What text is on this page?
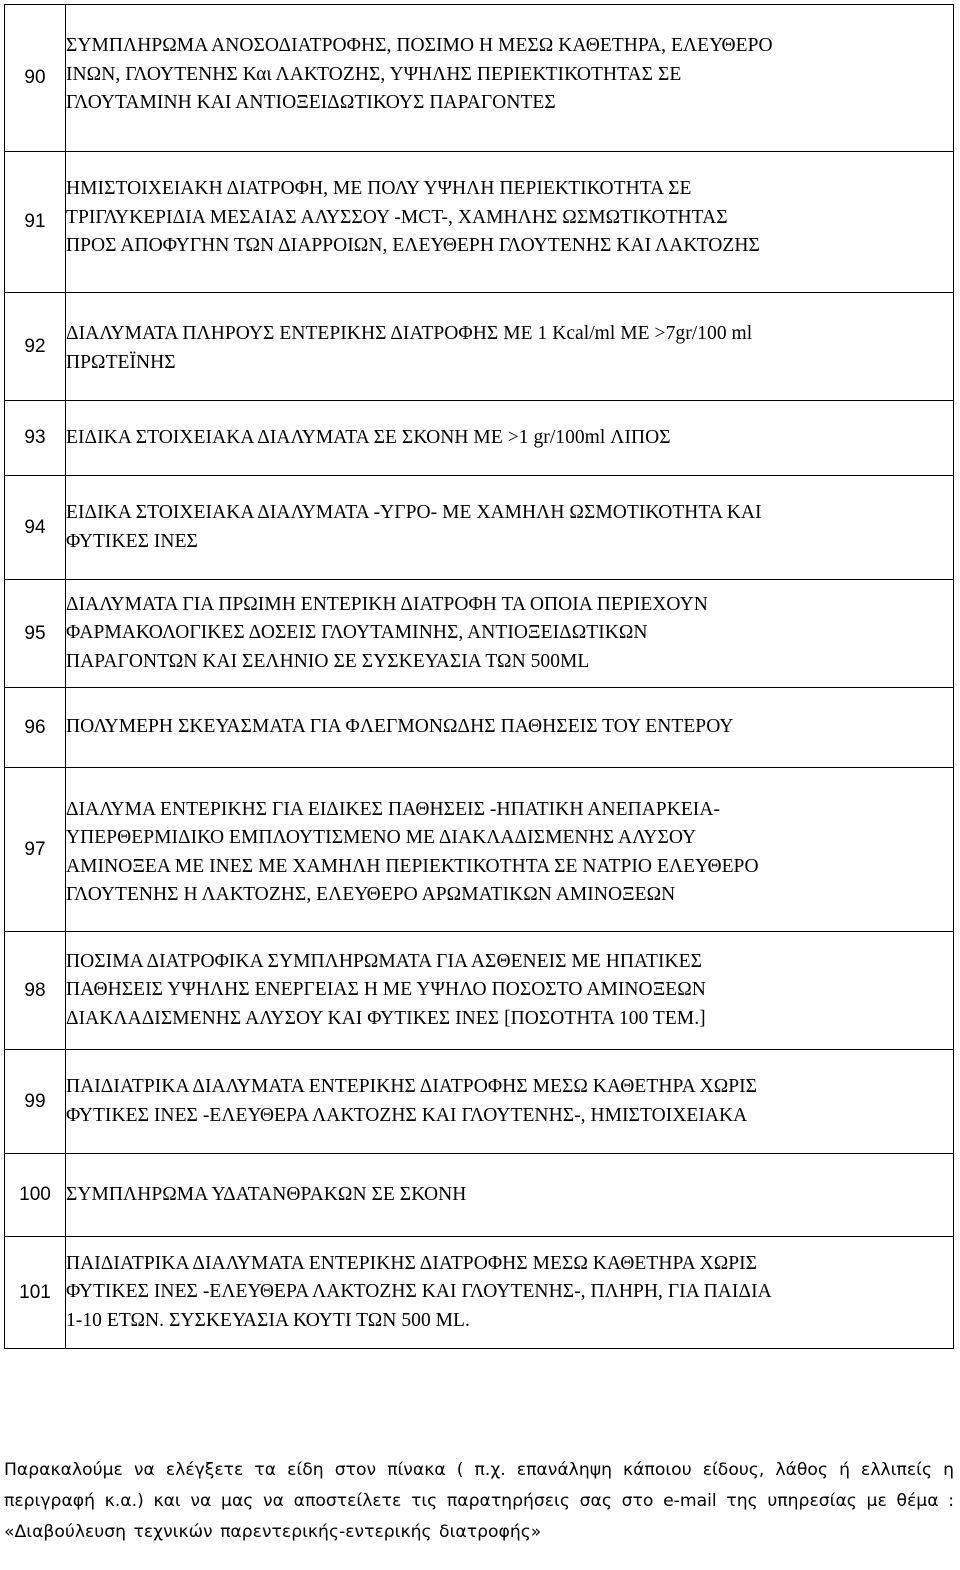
90	ΣΥΜΠΛΗΡΩΜΑ ΑΝΟΣΟΔΙΑΤΡΟΦΗΣ, ΠΟΣΙΜΟ Η ΜΕΣΩ ΚΑΘΕΤΗΡΑ, ΕΛΕΥΘΕΡΟ
ΙΝΩΝ, ΓΛΟΥΤΕΝΗΣ Και ΛΑΚΤΟΖΗΣ, ΥΨΗΛΗΣ ΠΕΡΙΕΚΤΙΚΟΤΗΤΑΣ ΣΕ
ΓΛΟΥΤΑΜΙΝΗ ΚΑΙ ΑΝΤΙΟΞΕΙΔΩΤΙΚΟΥΣ ΠΑΡΑΓΟΝΤΕΣ

91	ΗΜΙΣΤΟΙΧΕΙΑΚΗ ΔΙΑΤΡΟΦΗ, ΜΕ ΠΟΛΥ ΥΨΗΛΗ ΠΕΡΙΕΚΤΙΚΟΤΗΤΑ ΣΕ
ΤΡΙΓΛΥΚΕΡΙΔΙΑ ΜΕΣΑΙΑΣ ΑΛΥΣΣΟΥ -MCT-, ΧΑΜΗΛΗΣ ΩΣΜΩΤΙΚΟΤΗΤΑΣ
ΠΡΟΣ ΑΠΟΦΥΓΗΝ ΤΩΝ ΔΙΑΡΡΟΙΩΝ, ΕΛΕΥΘΕΡΗ ΓΛΟΥΤΕΝΗΣ ΚΑΙ ΛΑΚΤΟΖΗΣ

92	ΔΙΑΛΥΜΑΤΑ ΠΛΗΡΟΥΣ ΕΝΤΕΡΙΚΗΣ ΔΙΑΤΡΟΦΗΣ ΜΕ 1 Kcal/ml ΜΕ >7gr/100 ml
ΠΡΩΤΕΪΝΗΣ

93	ΕΙΔΙΚΑ ΣΤΟΙΧΕΙΑΚΑ ΔΙΑΛΥΜΑΤΑ ΣΕ ΣΚΟΝΗ ΜΕ >1 gr/100ml ΛΙΠΟΣ

94	ΕΙΔΙΚΑ ΣΤΟΙΧΕΙΑΚΑ ΔΙΑΛΥΜΑΤΑ -ΥΓΡΟ- ΜΕ ΧΑΜΗΛΗ ΩΣΜΟΤΙΚΟΤΗΤΑ ΚΑΙ
ΦΥΤΙΚΕΣ ΙΝΕΣ

95	ΔΙΑΛΥΜΑΤΑ ΓΙΑ ΠΡΩΙΜΗ ΕΝΤΕΡΙΚΗ ΔΙΑΤΡΟΦΗ ΤΑ ΟΠΟΙΑ ΠΕΡΙΕΧΟΥΝ
ΦΑΡΜΑΚΟΛΟΓΙΚΕΣ ΔΟΣΕΙΣ ΓΛΟΥΤΑΜΙΝΗΣ, ΑΝΤΙΟΞΕΙΔΩΤΙΚΩΝ
ΠΑΡΑΓΟΝΤΩΝ ΚΑΙ ΣΕΛΗΝΙΟ ΣΕ ΣΥΣΚΕΥΑΣΙΑ ΤΩΝ 500ML

96	ΠΟΛΥΜΕΡΗ ΣΚΕΥΑΣΜΑΤΑ ΓΙΑ ΦΛΕΓΜΟΝΩΔΗΣ ΠΑΘΗΣΕΙΣ ΤΟΥ ΕΝΤΕΡΟΥ

97	ΔΙΑΛΥΜΑ ΕΝΤΕΡΙΚΗΣ ΓΙΑ ΕΙΔΙΚΕΣ ΠΑΘΗΣΕΙΣ -ΗΠΑΤΙΚΗ ΑΝΕΠΑΡΚΕΙΑ-
ΥΠΕΡΘΕΡΜΙΔΙΚΟ ΕΜΠΛΟΥΤΙΣΜΕΝΟ ΜΕ ΔΙΑΚΛΑΔΙΣΜΕΝΗΣ ΑΛΥΣΟΥ
ΑΜΙΝΟΞΕΑ ΜΕ ΙΝΕΣ ΜΕ ΧΑΜΗΛΗ ΠΕΡΙΕΚΤΙΚΟΤΗΤΑ ΣΕ ΝΑΤΡΙΟ ΕΛΕΥΘΕΡΟ
ΓΛΟΥΤΕΝΗΣ Η ΛΑΚΤΟΖΗΣ, ΕΛΕΥΘΕΡΟ ΑΡΩΜΑΤΙΚΩΝ ΑΜΙΝΟΞΕΩΝ

98	ΠΟΣΙΜΑ ΔΙΑΤΡΟΦΙΚΑ ΣΥΜΠΛΗΡΩΜΑΤΑ ΓΙΑ ΑΣΘΕΝΕΙΣ ΜΕ ΗΠΑΤΙΚΕΣ
ΠΑΘΗΣΕΙΣ ΥΨΗΛΗΣ ΕΝΕΡΓΕΙΑΣ Η ΜΕ ΥΨΗΛΟ ΠΟΣΟΣΤΟ ΑΜΙΝΟΞΕΩΝ
ΔΙΑΚΛΑΔΙΣΜΕΝΗΣ ΑΛΥΣΟΥ ΚΑΙ ΦΥΤΙΚΕΣ ΙΝΕΣ [ΠΟΣΟΤΗΤΑ 100 ΤΕΜ.]

99	ΠΑΙΔΙΑΤΡΙΚΑ ΔΙΑΛΥΜΑΤΑ ΕΝΤΕΡΙΚΗΣ ΔΙΑΤΡΟΦΗΣ ΜΕΣΩ ΚΑΘΕΤΗΡΑ ΧΩΡΙΣ
ΦΥΤΙΚΕΣ ΙΝΕΣ -ΕΛΕΥΘΕΡΑ ΛΑΚΤΟΖΗΣ ΚΑΙ ΓΛΟΥΤΕΝΗΣ-, ΗΜΙΣΤΟΙΧΕΙΑΚΑ

100	ΣΥΜΠΛΗΡΩΜΑ ΥΔΑΤΑΝΘΡΑΚΩΝ ΣΕ ΣΚΟΝΗ

101	ΠΑΙΔΙΑΤΡΙΚΑ ΔΙΑΛΥΜΑΤΑ ΕΝΤΕΡΙΚΗΣ ΔΙΑΤΡΟΦΗΣ ΜΕΣΩ ΚΑΘΕΤΗΡΑ ΧΩΡΙΣ
ΦΥΤΙΚΕΣ ΙΝΕΣ -ΕΛΕΥΘΕΡΑ ΛΑΚΤΟΖΗΣ ΚΑΙ ΓΛΟΥΤΕΝΗΣ-, ΠΛΗΡΗ, ΓΙΑ ΠΑΙΔΙΑ
1-10 ΕΤΩΝ. ΣΥΣΚΕΥΑΣΙΑ ΚΟΥΤΙ ΤΩΝ 500 ML.

Παρακαλούμε να ελέγξετε τα είδη στον πίνακα ( π.χ. επανάληψη κάποιου είδους, λάθος ή ελλιπείς η περιγραφή κ.α.) και να μας να αποστείλετε τις παρατηρήσεις σας στο e-mail της υπηρεσίας με θέμα : «Διαβούλευση τεχνικών παρεντερικής-εντερικής διατροφής»
